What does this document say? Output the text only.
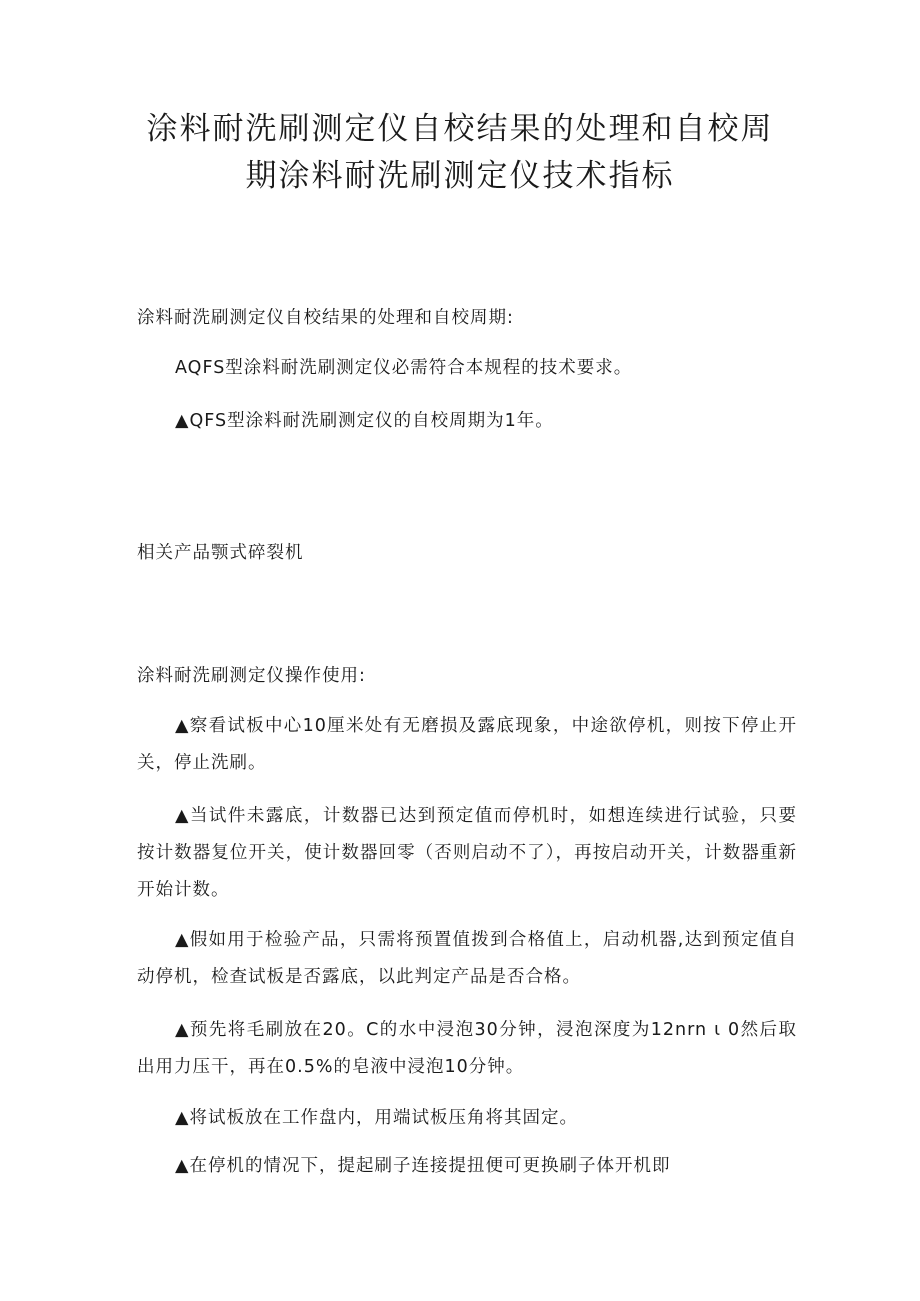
涂料耐洗刷测定仪自校结果的处理和自校周
期涂料耐洗刷测定仪技术指标

涂料耐洗刷测定仪自校结果的处理和自校周期:

AQFS型涂料耐洗刷测定仪必需符合本规程的技术要求。

▲QFS型涂料耐洗刷测定仪的自校周期为1年。

相关产品颚式碎裂机

涂料耐洗刷测定仪操作使用:

▲察看试板中心10厘米处有无磨损及露底现象，中途欲停机，则按下停止开关，停止洗刷。

▲当试件未露底，计数器已达到预定值而停机时，如想连续进行试验，只要按计数器复位开关，使计数器回零（否则启动不了），再按启动开关，计数器重新开始计数。

▲假如用于检验产品，只需将预置值拨到合格值上，启动机器,达到预定值自动停机，检查试板是否露底，以此判定产品是否合格。

▲预先将毛刷放在20。C的水中浸泡30分钟，浸泡深度为12nrn ι 0然后取出用力压干，再在0.5%的皂液中浸泡10分钟。

▲将试板放在工作盘内，用端试板压角将其固定。

▲在停机的情况下，提起刷子连接提扭便可更换刷子体开机即
